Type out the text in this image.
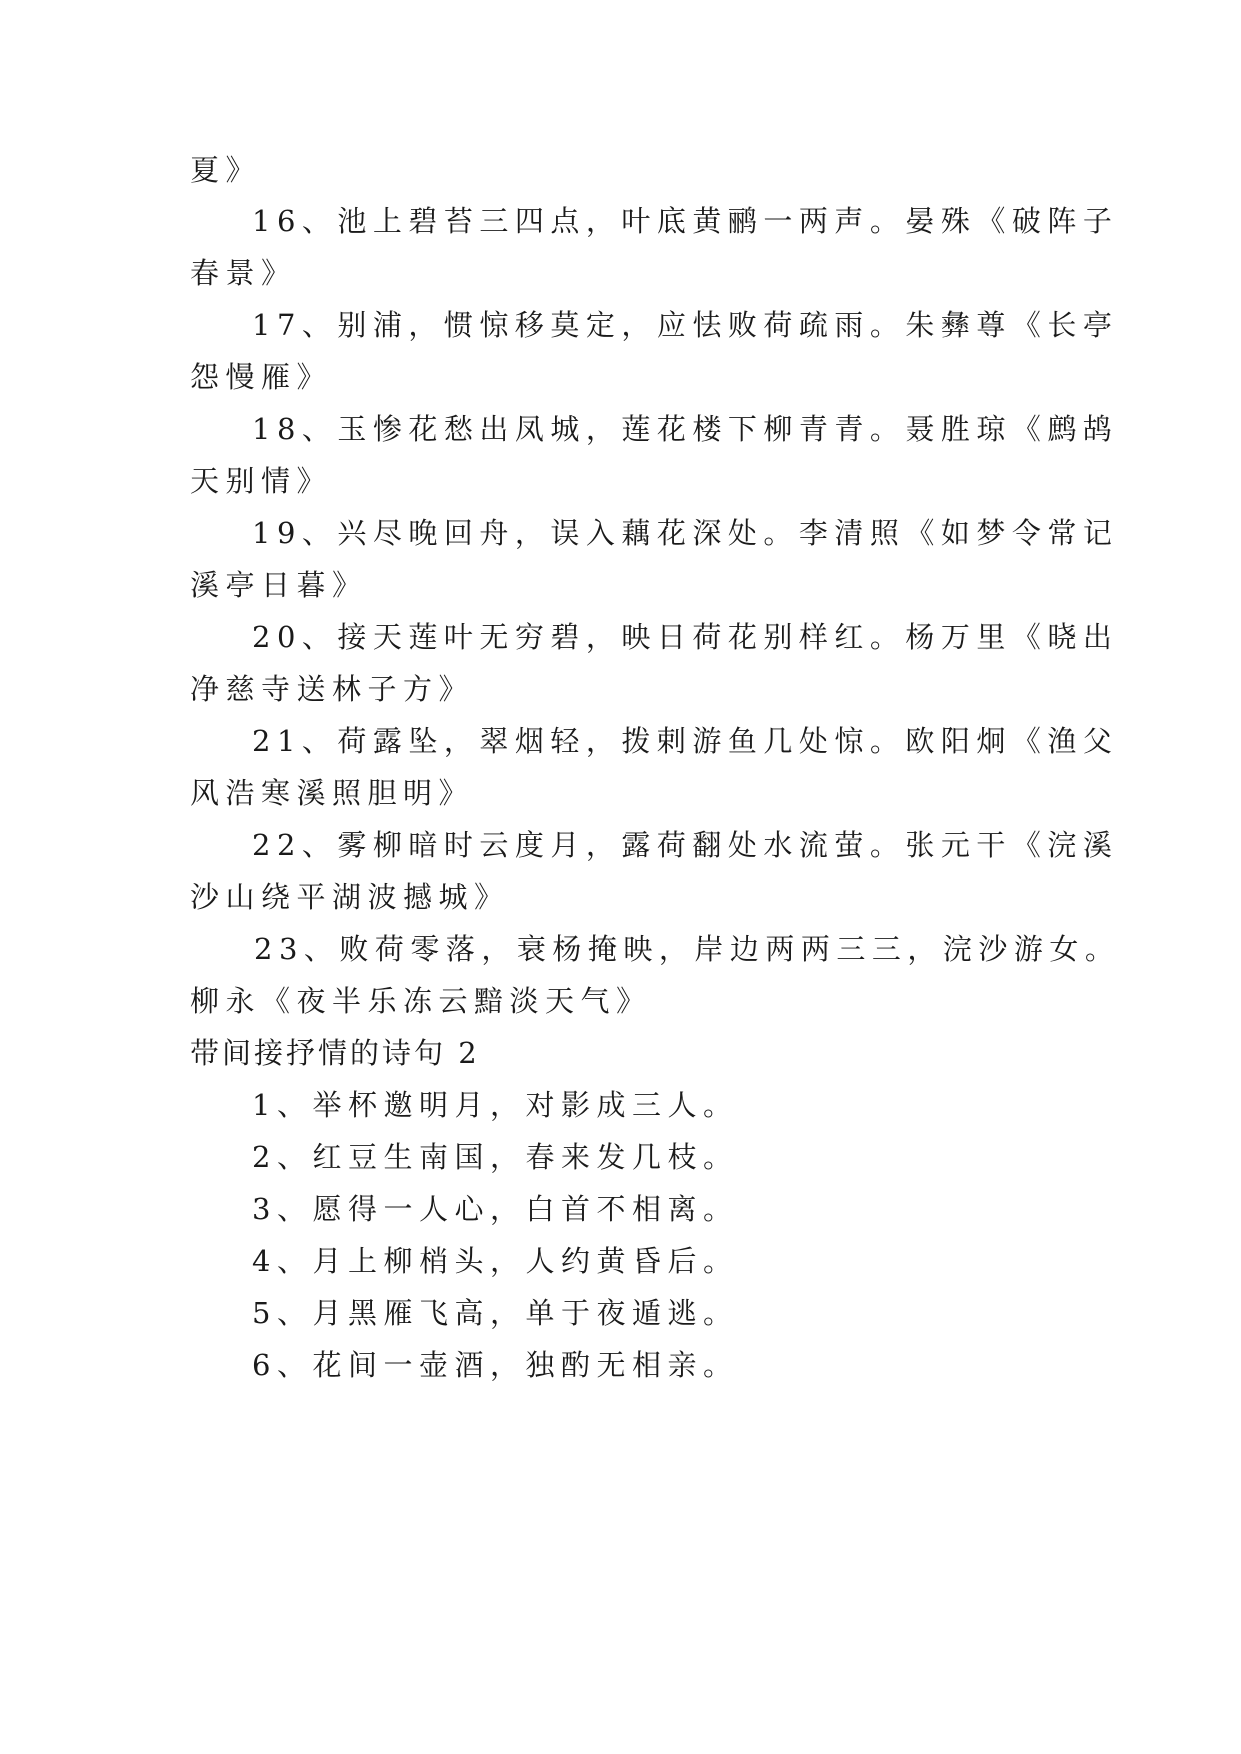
夏》
16、池上碧苔三四点，叶底黄鹂一两声。晏殊《破阵子
春景》
17、别浦，惯惊移莫定，应怯败荷疏雨。朱彝尊《长亭
怨慢雁》
18、玉惨花愁出凤城，莲花楼下柳青青。聂胜琼《鹧鸪
天别情》
19、兴尽晚回舟，误入藕花深处。李清照《如梦令常记
溪亭日暮》
20、接天莲叶无穷碧，映日荷花别样红。杨万里《晓出
净慈寺送林子方》
21、荷露坠，翠烟轻，拨剌游鱼几处惊。欧阳炯《渔父
风浩寒溪照胆明》
22、雾柳暗时云度月，露荷翻处水流萤。张元干《浣溪
沙山绕平湖波撼城》
23、败荷零落，衰杨掩映，岸边两两三三，浣沙游女。
柳永《夜半乐冻云黯淡天气》
带间接抒情的诗句 2
1、举杯邀明月，对影成三人。
2、红豆生南国，春来发几枝。
3、愿得一人心，白首不相离。
4、月上柳梢头，人约黄昏后。
5、月黑雁飞高，单于夜遁逃。
6、花间一壶酒，独酌无相亲。
